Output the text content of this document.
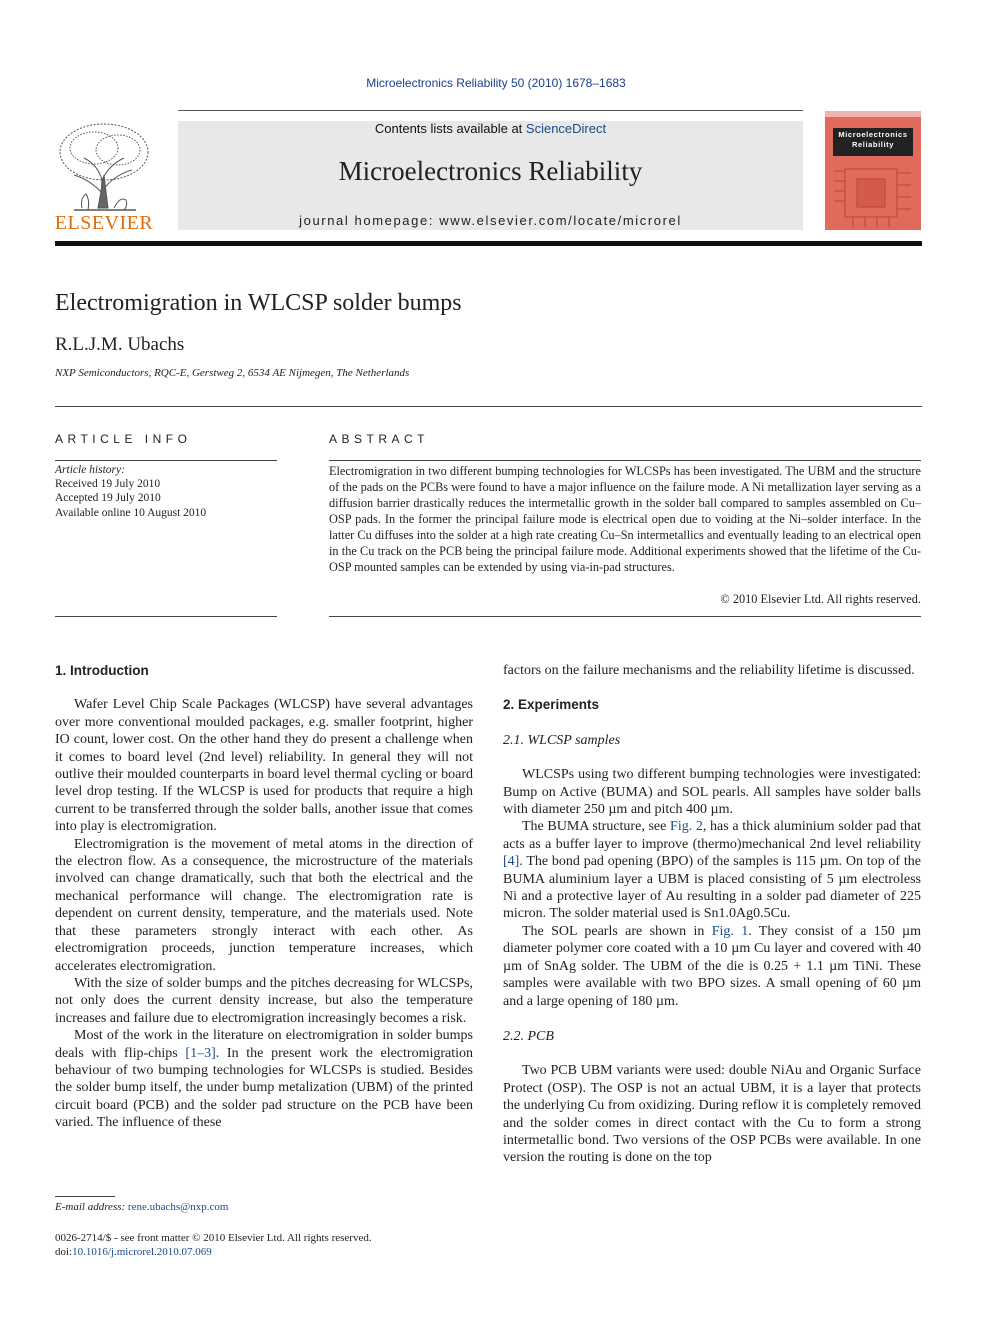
Microelectronics Reliability 50 (2010) 1678–1683
ELSEVIER
Contents lists available at ScienceDirect
Microelectronics Reliability
journal homepage: www.elsevier.com/locate/microrel
Microelectronics
Reliability
Electromigration in WLCSP solder bumps
R.L.J.M. Ubachs
NXP Semiconductors, RQC-E, Gerstweg 2, 6534 AE Nijmegen, The Netherlands
ARTICLE INFO
Article history:
Received 19 July 2010
Accepted 19 July 2010
Available online 10 August 2010
ABSTRACT
Electromigration in two different bumping technologies for WLCSPs has been investigated. The UBM and the structure of the pads on the PCBs were found to have a major influence on the failure mode. A Ni metallization layer serving as a diffusion barrier drastically reduces the intermetallic growth in the solder ball compared to samples assembled on Cu–OSP pads. In the former the principal failure mode is electrical open due to voiding at the Ni–solder interface. In the latter Cu diffuses into the solder at a high rate creating Cu–Sn intermetallics and eventually leading to an electrical open in the Cu track on the PCB being the principal failure mode. Additional experiments showed that the lifetime of the Cu-OSP mounted samples can be extended by using via-in-pad structures.
© 2010 Elsevier Ltd. All rights reserved.
1. Introduction

Wafer Level Chip Scale Packages (WLCSP) have several advantages over more conventional moulded packages, e.g. smaller footprint, higher IO count, lower cost. On the other hand they do present a challenge when it comes to board level (2nd level) reliability. In general they will not outlive their moulded counterparts in board level thermal cycling or board level drop testing. If the WLCSP is used for products that require a high current to be transferred through the solder balls, another issue that comes into play is electromigration.

Electromigration is the movement of metal atoms in the direction of the electron flow. As a consequence, the microstructure of the materials involved can change dramatically, such that both the electrical and the mechanical performance will change. The electromigration rate is dependent on current density, temperature, and the materials used. Note that these parameters strongly interact with each other. As electromigration proceeds, junction temperature increases, which accelerates electromigration.

With the size of solder bumps and the pitches decreasing for WLCSPs, not only does the current density increase, but also the temperature increases and failure due to electromigration increasingly becomes a risk.

Most of the work in the literature on electromigration in solder bumps deals with flip-chips [1–3]. In the present work the electromigration behaviour of two bumping technologies for WLCSPs is studied. Besides the solder bump itself, the under bump metalization (UBM) of the printed circuit board (PCB) and the solder pad structure on the PCB have been varied. The influence of these

factors on the failure mechanisms and the reliability lifetime is discussed.

2. Experiments
2.1. WLCSP samples

WLCSPs using two different bumping technologies were investigated: Bump on Active (BUMA) and SOL pearls. All samples have solder balls with diameter 250 µm and pitch 400 µm.

The BUMA structure, see Fig. 2, has a thick aluminium solder pad that acts as a buffer layer to improve (thermo)mechanical 2nd level reliability [4]. The bond pad opening (BPO) of the samples is 115 µm. On top of the BUMA aluminium layer a UBM is placed consisting of 5 µm electroless Ni and a protective layer of Au resulting in a solder pad diameter of 225 micron. The solder material used is Sn1.0Ag0.5Cu.

The SOL pearls are shown in Fig. 1. They consist of a 150 µm diameter polymer core coated with a 10 µm Cu layer and covered with 40 µm of SnAg solder. The UBM of the die is 0.25 + 1.1 µm TiNi. These samples were available with two BPO sizes. A small opening of 60 µm and a large opening of 180 µm.

2.2. PCB

Two PCB UBM variants were used: double NiAu and Organic Surface Protect (OSP). The OSP is not an actual UBM, it is a layer that protects the underlying Cu from oxidizing. During reflow it is completely removed and the solder comes in direct contact with the Cu to form a strong intermetallic bond. Two versions of the OSP PCBs were available. In one version the routing is done on the top

E-mail address: rene.ubachs@nxp.com
0026-2714/$ - see front matter © 2010 Elsevier Ltd. All rights reserved.
doi:10.1016/j.microrel.2010.07.069
